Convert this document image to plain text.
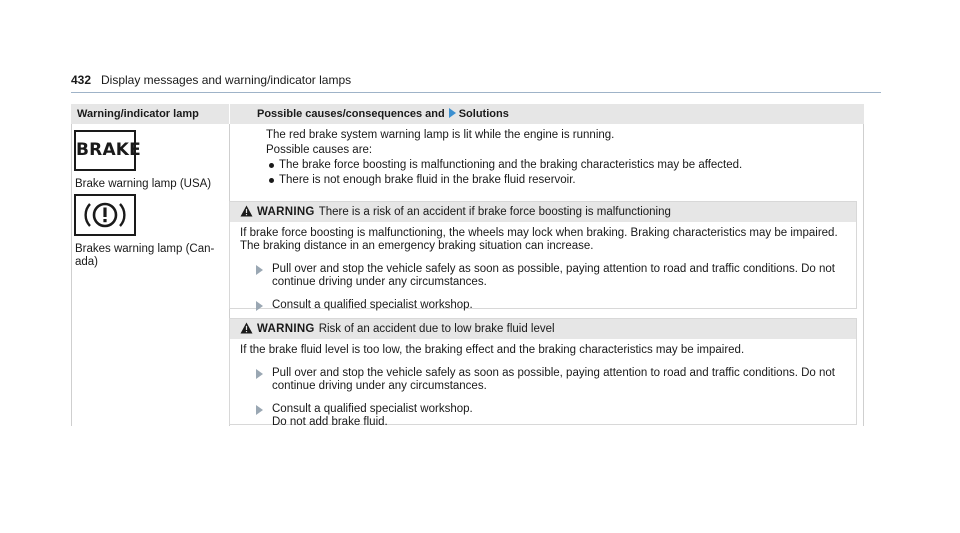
432 Display messages and warning/indicator lamps
Warning/indicator lamp	Possible causes/consequences and Solutions
BRAKE
Brake warning lamp (USA)
Brakes warning lamp (Can-
ada)

The red brake system warning lamp is lit while the engine is running.

Possible causes are:

The brake force boosting is malfunctioning and the braking characteristics may be affected.
There is not enough brake fluid in the brake fluid reservoir.
WARNING There is a risk of an accident if brake force boosting is malfunctioning

If brake force boosting is malfunctioning, the wheels may lock when braking. Braking characteristics may be impaired. The braking distance in an emergency braking situation can increase.

Pull over and stop the vehicle safely as soon as possible, paying attention to road and traffic conditions. Do not continue driving under any circumstances.
Consult a qualified specialist workshop.
WARNING Risk of an accident due to low brake fluid level

If the brake fluid level is too low, the braking effect and the braking characteristics may be impaired.

Pull over and stop the vehicle safely as soon as possible, paying attention to road and traffic conditions. Do not continue driving under any circumstances.
Consult a qualified specialist workshop.
Do not add brake fluid.
